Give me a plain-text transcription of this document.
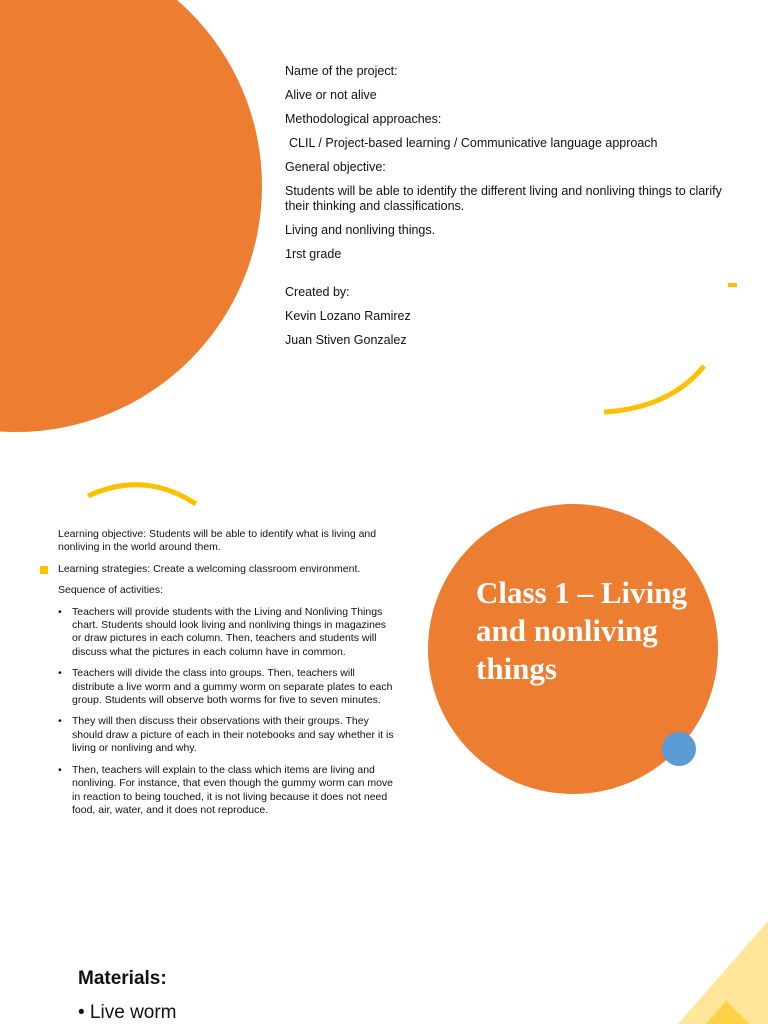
Name of the project:

Alive or not alive

Methodological approaches:

CLIL / Project-based learning / Communicative language approach

General objective:

Students will be able to identify the different living and nonliving things to clarify their thinking and classifications.

Living and nonliving things.

1rst grade

Created by:

Kevin Lozano Ramirez

Juan Stiven Gonzalez

Learning objective: Students will be able to identify what is living and nonliving in the world around them.

Learning strategies: Create a welcoming classroom environment.

Sequence of activities:

• Teachers will provide students with the Living and Nonliving Things chart. Students should look living and nonliving things in magazines or draw pictures in each column. Then, teachers and students will discuss what the pictures in each column have in common.
• Teachers will divide the class into groups. Then, teachers will distribute a live worm and a gummy worm on separate plates to each group. Students will observe both worms for five to seven minutes.
• They will then discuss their observations with their groups. They should draw a picture of each in their notebooks and say whether it is living or nonliving and why.
• Then, teachers will explain to the class which items are living and nonliving. For instance, that even though the gummy worm can move in reaction to being touched, it is not living because it does not need food, air, water, and it does not reproduce.
Class 1 – Living and nonliving things
Materials:

• Live worm
